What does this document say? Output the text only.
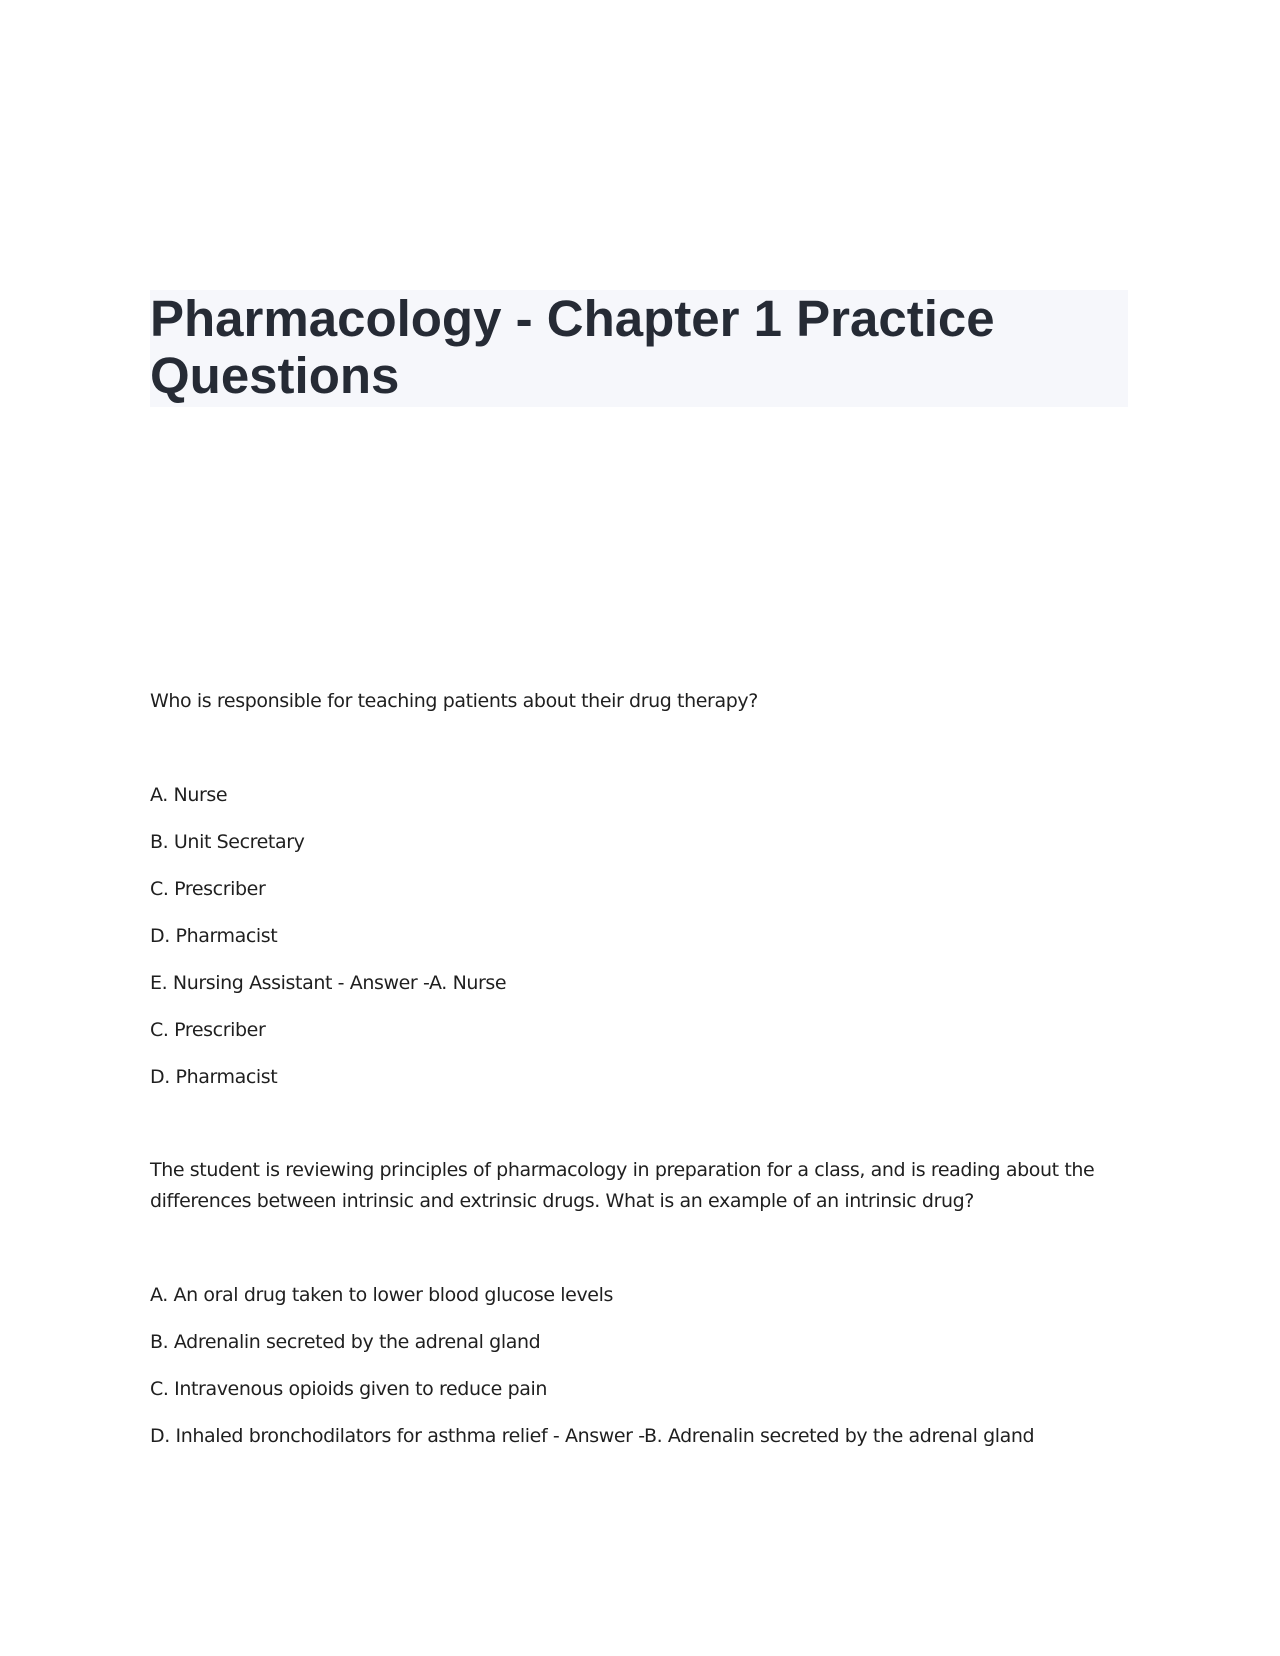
Pharmacology - Chapter 1 Practice Questions
Who is responsible for teaching patients about their drug therapy?
A. Nurse
B. Unit Secretary
C. Prescriber
D. Pharmacist
E. Nursing Assistant - Answer -A. Nurse
C. Prescriber
D. Pharmacist
The student is reviewing principles of pharmacology in preparation for a class, and is reading about the differences between intrinsic and extrinsic drugs. What is an example of an intrinsic drug?
A. An oral drug taken to lower blood glucose levels
B. Adrenalin secreted by the adrenal gland
C. Intravenous opioids given to reduce pain
D. Inhaled bronchodilators for asthma relief - Answer -B. Adrenalin secreted by the adrenal gland
